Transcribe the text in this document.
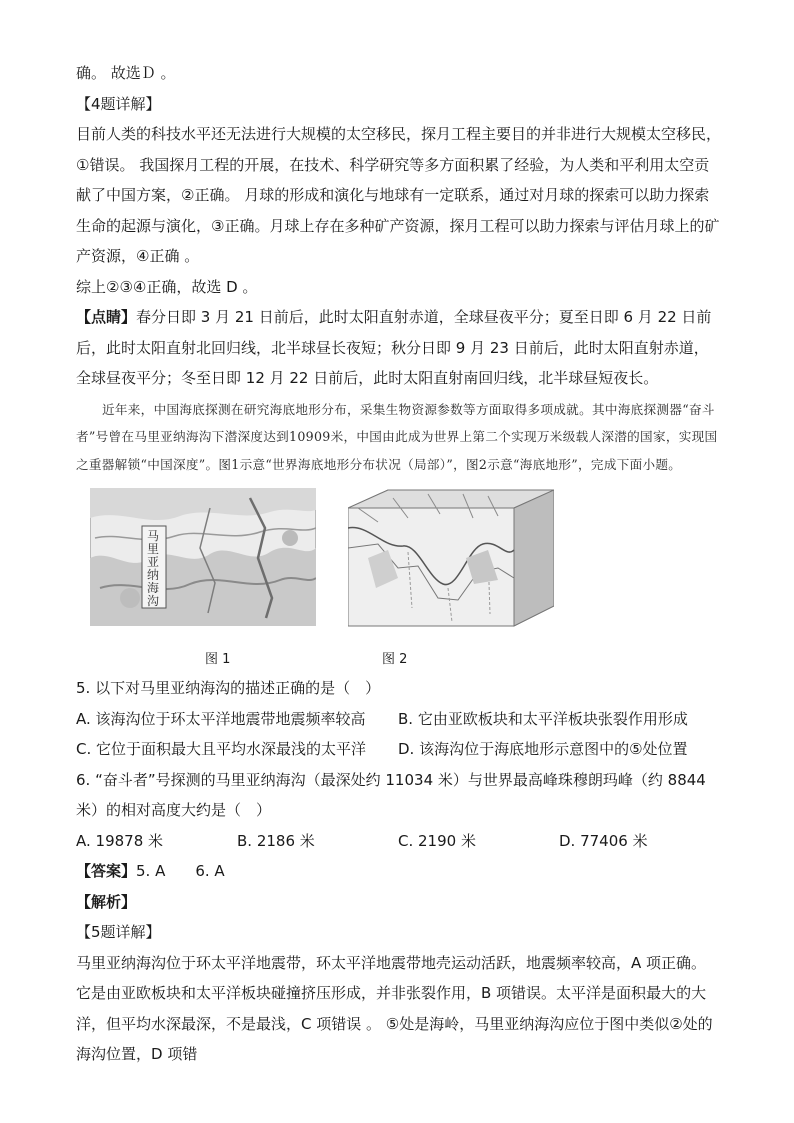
确。 故选Ｄ 。

【4题详解】

目前人类的科技水平还无法进行大规模的太空移民，探月工程主要目的并非进行大规模太空移民，①错误。 我国探月工程的开展，在技术、科学研究等多方面积累了经验，为人类和平利用太空贡献了中国方案，②正确。 月球的形成和演化与地球有一定联系，通过对月球的探索可以助力探索生命的起源与演化，③正确。月球上存在多种矿产资源，探月工程可以助力探索与评估月球上的矿产资源，④正确 。

综上②③④正确，故选 D 。

【点睛】春分日即 3 月 21 日前后，此时太阳直射赤道，全球昼夜平分；夏至日即 6 月 22 日前后，此时太阳直射北回归线，北半球昼长夜短；秋分日即 9 月 23 日前后，此时太阳直射赤道，全球昼夜平分；冬至日即 12 月 22 日前后，此时太阳直射南回归线，北半球昼短夜长。

近年来，中国海底探测在研究海底地形分布，采集生物资源参数等方面取得多项成就。其中海底探测器“奋斗者”号曾在马里亚纳海沟下潜深度达到10909米，中国由此成为世界上第二个实现万米级载人深潜的国家，实现国之重器解锁“中国深度”。图1示意“世界海底地形分布状况（局部）”，图2示意“海底地形”，完成下面小题。

马里亚纳海沟
图 1	图 2

5. 以下对马里亚纳海沟的描述正确的是（　）

A. 该海沟位于环太平洋地震带地震频率较高	B. 它由亚欧板块和太平洋板块张裂作用形成
C. 它位于面积最大且平均水深最浅的太平洋	D. 该海沟位于海底地形示意图中的⑤处位置

6. “奋斗者”号探测的马里亚纳海沟（最深处约 11034 米）与世界最高峰珠穆朗玛峰（约 8844 米）的相对高度大约是（　）

A. 19878 米	B. 2186 米	C. 2190 米	D. 77406 米

【答案】5. A　　6. A

【解析】

【5题详解】

马里亚纳海沟位于环太平洋地震带，环太平洋地震带地壳运动活跃，地震频率较高，A 项正确。 它是由亚欧板块和太平洋板块碰撞挤压形成，并非张裂作用，B 项错误。太平洋是面积最大的大洋，但平均水深最深，不是最浅，C 项错误 。 ⑤处是海岭，马里亚纳海沟应位于图中类似②处的海沟位置，D 项错
